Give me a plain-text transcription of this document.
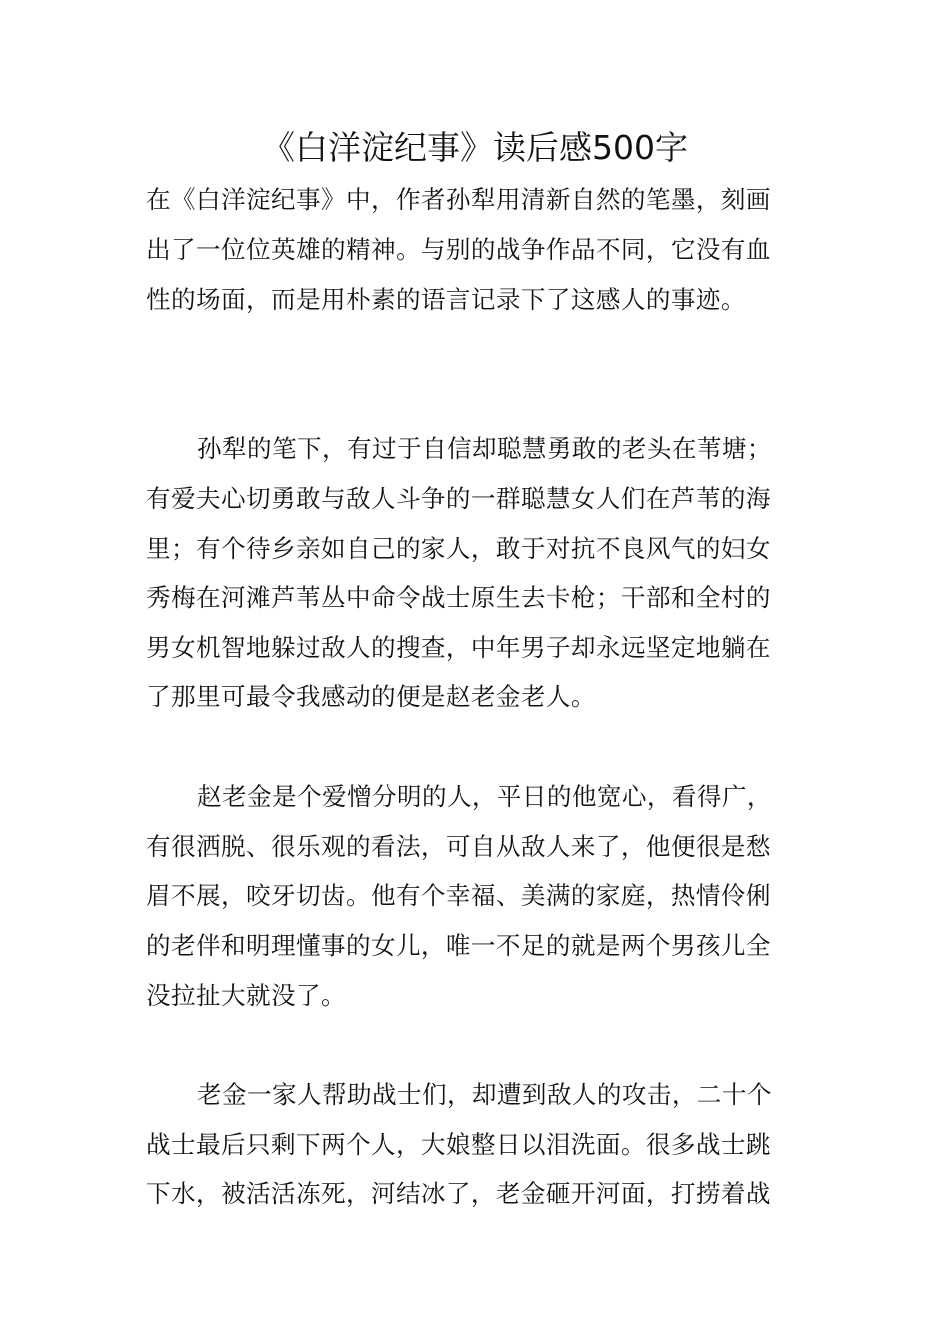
《白洋淀纪事》读后感500字
在《白洋淀纪事》中，作者孙犁用清新自然的笔墨，刻画
出了一位位英雄的精神。与别的战争作品不同，它没有血
性的场面，而是用朴素的语言记录下了这感人的事迹。
孙犁的笔下，有过于自信却聪慧勇敢的老头在苇塘；
有爱夫心切勇敢与敌人斗争的一群聪慧女人们在芦苇的海
里；有个待乡亲如自己的家人，敢于对抗不良风气的妇女
秀梅在河滩芦苇丛中命令战士原生去卡枪；干部和全村的
男女机智地躲过敌人的搜查，中年男子却永远坚定地躺在
了那里可最令我感动的便是赵老金老人。
赵老金是个爱憎分明的人，平日的他宽心，看得广，
有很洒脱、很乐观的看法，可自从敌人来了，他便很是愁
眉不展，咬牙切齿。他有个幸福、美满的家庭，热情伶俐
的老伴和明理懂事的女儿，唯一不足的就是两个男孩儿全
没拉扯大就没了。
老金一家人帮助战士们，却遭到敌人的攻击，二十个
战士最后只剩下两个人，大娘整日以泪洗面。很多战士跳
下水，被活活冻死，河结冰了，老金砸开河面，打捞着战
